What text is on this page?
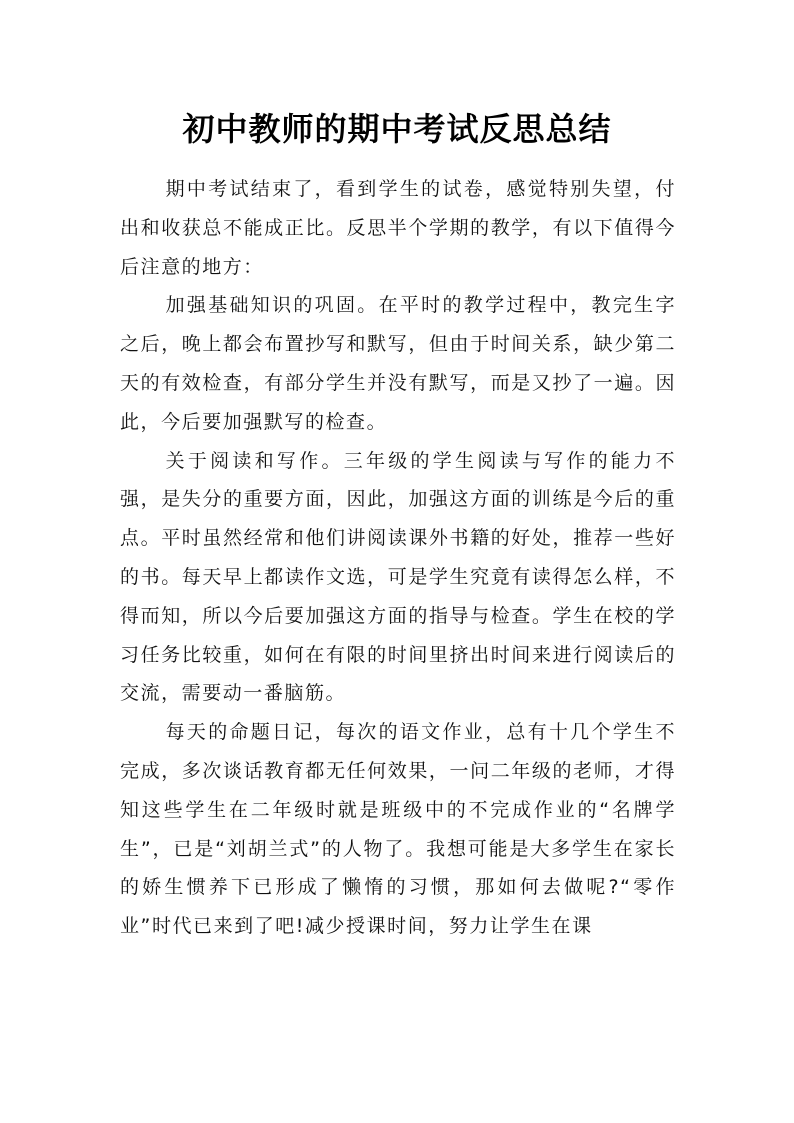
初中教师的期中考试反思总结

期中考试结束了，看到学生的试卷，感觉特别失望，付出和收获总不能成正比。反思半个学期的教学，有以下值得今后注意的地方：

加强基础知识的巩固。在平时的教学过程中，教完生字之后，晚上都会布置抄写和默写，但由于时间关系，缺少第二天的有效检查，有部分学生并没有默写，而是又抄了一遍。因此，今后要加强默写的检查。

关于阅读和写作。三年级的学生阅读与写作的能力不强，是失分的重要方面，因此，加强这方面的训练是今后的重点。平时虽然经常和他们讲阅读课外书籍的好处，推荐一些好的书。每天早上都读作文选，可是学生究竟有读得怎么样，不得而知，所以今后要加强这方面的指导与检查。学生在校的学习任务比较重，如何在有限的时间里挤出时间来进行阅读后的交流，需要动一番脑筋。

每天的命题日记，每次的语文作业，总有十几个学生不完成，多次谈话教育都无任何效果，一问二年级的老师，才得知这些学生在二年级时就是班级中的不完成作业的“名牌学生”，已是“刘胡兰式”的人物了。我想可能是大多学生在家长的娇生惯养下已形成了懒惰的习惯，那如何去做呢?“零作业”时代已来到了吧!减少授课时间，努力让学生在课
